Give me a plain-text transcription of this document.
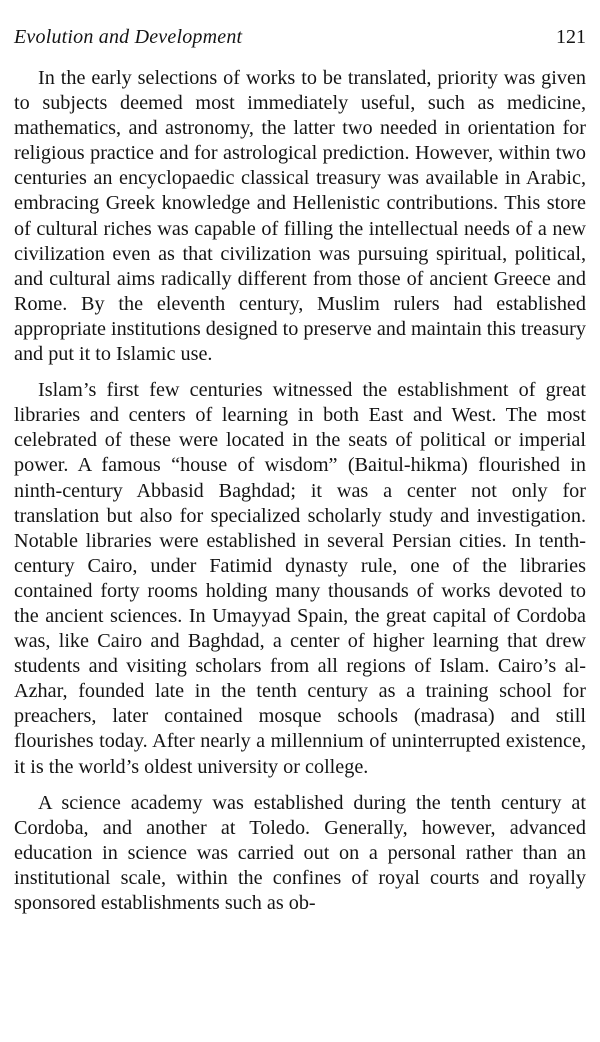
Evolution and Development	121

In the early selections of works to be translated, priority was given to subjects deemed most immediately useful, such as medicine, mathematics, and astronomy, the latter two needed in orientation for religious practice and for astrological prediction. However, within two centuries an encyclopaedic classical treasury was available in Arabic, embracing Greek knowledge and Hellenistic contributions. This store of cultural riches was capable of filling the intellectual needs of a new civilization even as that civilization was pursuing spiritual, political, and cultural aims radically different from those of ancient Greece and Rome. By the eleventh century, Muslim rulers had established appropriate institutions designed to preserve and maintain this treasury and put it to Islamic use.

Islam’s first few centuries witnessed the establishment of great libraries and centers of learning in both East and West. The most celebrated of these were located in the seats of political or imperial power. A famous “house of wisdom” (Baitul-hikma) flourished in ninth-century Abbasid Baghdad; it was a center not only for translation but also for specialized scholarly study and investigation. Notable libraries were established in several Persian cities. In tenth-century Cairo, under Fatimid dynasty rule, one of the libraries contained forty rooms holding many thousands of works devoted to the ancient sciences. In Umayyad Spain, the great capital of Cordoba was, like Cairo and Baghdad, a center of higher learning that drew students and visiting scholars from all regions of Islam. Cairo’s al-Azhar, founded late in the tenth century as a training school for preachers, later contained mosque schools (madrasa) and still flourishes today. After nearly a millennium of uninterrupted existence, it is the world’s oldest university or college.

A science academy was established during the tenth century at Cordoba, and another at Toledo. Generally, however, advanced education in science was carried out on a personal rather than an institutional scale, within the confines of royal courts and royally sponsored establishments such as ob-
